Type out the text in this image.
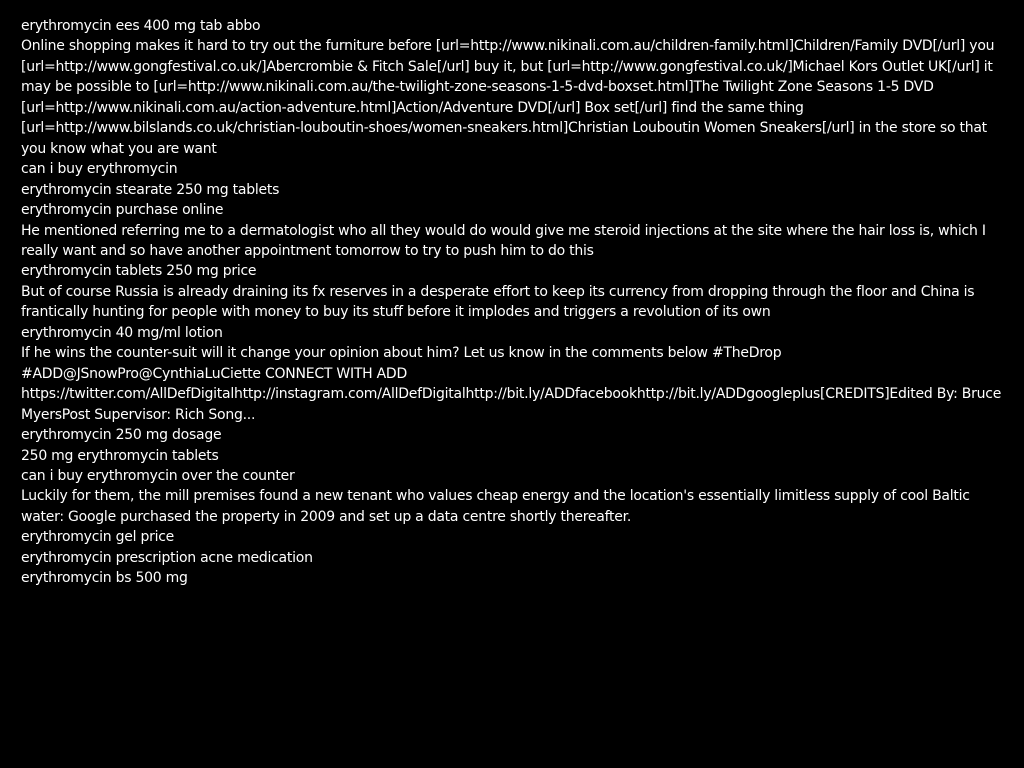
erythromycin ees 400 mg tab abbo

Online shopping makes it hard to try out the furniture before [url=http://www.nikinali.com.au/children-family.html]Children/Family DVD[/url] you [url=http://www.gongfestival.co.uk/]Abercrombie & Fitch Sale[/url] buy it, but [url=http://www.gongfestival.co.uk/]Michael Kors Outlet UK[/url] it may be possible to [url=http://www.nikinali.com.au/the-twilight-zone-seasons-1-5-dvd-boxset.html]The Twilight Zone Seasons 1-5 DVD [url=http://www.nikinali.com.au/action-adventure.html]Action/Adventure DVD[/url] Box set[/url] find the same thing [url=http://www.bilslands.co.uk/christian-louboutin-shoes/women-sneakers.html]Christian Louboutin Women Sneakers[/url] in the store so that you know what you are want

can i buy erythromycin

erythromycin stearate 250 mg tablets

erythromycin purchase online

He mentioned referring me to a dermatologist who all they would do would give me steroid injections at the site where the hair loss is, which I really want and so have another appointment tomorrow to try to push him to do this

erythromycin tablets 250 mg price

But of course Russia is already draining its fx reserves in a desperate effort to keep its currency from dropping through the floor and China is frantically hunting for people with money to buy its stuff before it implodes and triggers a revolution of its own

erythromycin 40 mg/ml lotion

If he wins the counter-suit will it change your opinion about him? Let us know in the comments below #TheDrop #ADD@JSnowPro@CynthiaLuCiette CONNECT WITH ADD https://twitter.com/AllDefDigitalhttp://instagram.com/AllDefDigitalhttp://bit.ly/ADDfacebookhttp://bit.ly/ADDgoogleplus[CREDITS]Edited By: Bruce MyersPost Supervisor: Rich Song...

erythromycin 250 mg dosage

250 mg erythromycin tablets

can i buy erythromycin over the counter

Luckily for them, the mill premises found a new tenant who values cheap energy and the location's essentially limitless supply of cool Baltic water: Google purchased the property in 2009 and set up a data centre shortly thereafter.

erythromycin gel price

erythromycin prescription acne medication

erythromycin bs 500 mg
